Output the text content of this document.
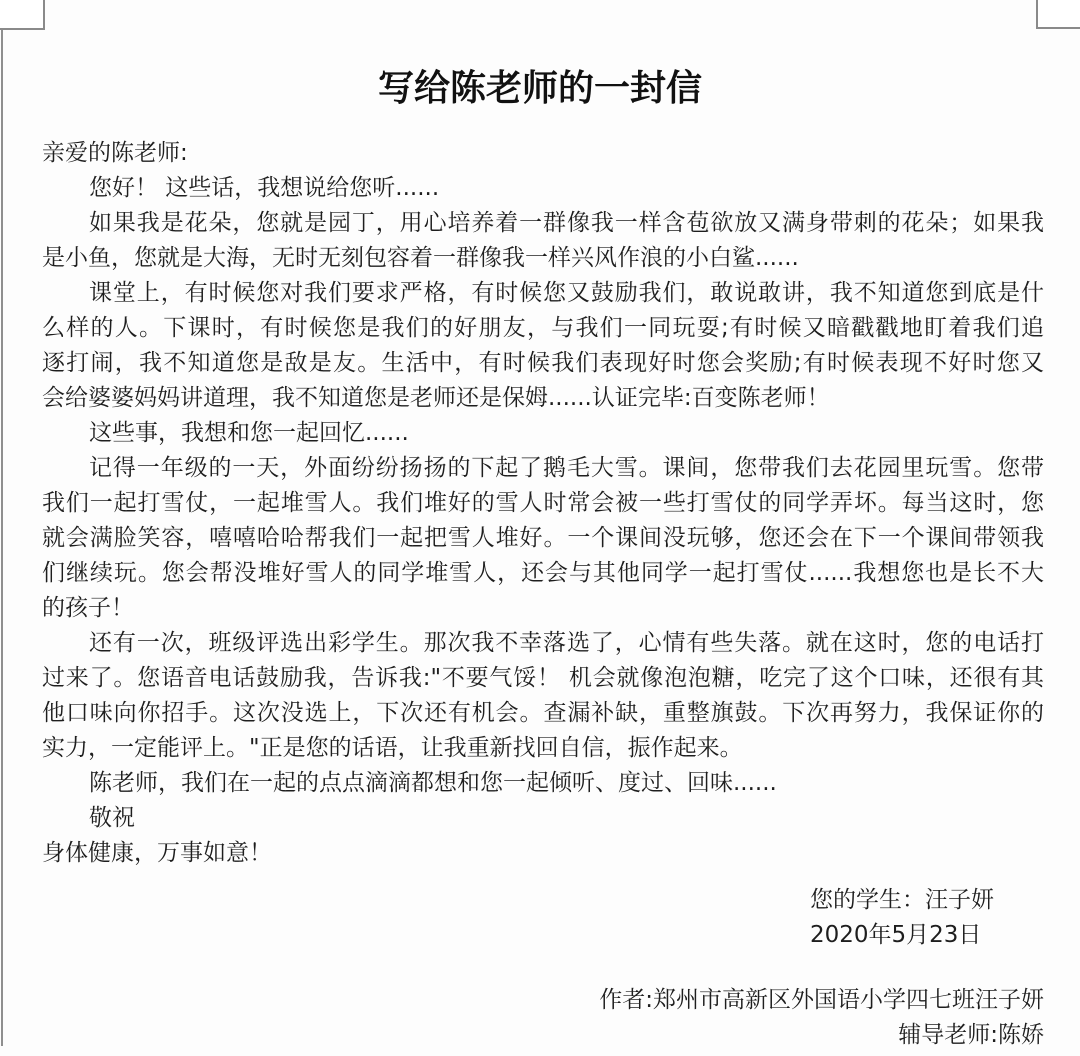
写给陈老师的一封信
亲爱的陈老师:
您好！ 这些话，我想说给您听......
如果我是花朵，您就是园丁，用心培养着一群像我一样含苞欲放又满身带刺的花朵；如果我
是小鱼，您就是大海，无时无刻包容着一群像我一样兴风作浪的小白鲨......
课堂上，有时候您对我们要求严格，有时候您又鼓励我们，敢说敢讲，我不知道您到底是什
么样的人。下课时，有时候您是我们的好朋友，与我们一同玩耍;有时候又暗戳戳地盯着我们追
逐打闹，我不知道您是敌是友。生活中，有时候我们表现好时您会奖励;有时候表现不好时您又
会给婆婆妈妈讲道理，我不知道您是老师还是保姆......认证完毕:百变陈老师！
这些事，我想和您一起回忆......
记得一年级的一天，外面纷纷扬扬的下起了鹅毛大雪。课间，您带我们去花园里玩雪。您带
我们一起打雪仗，一起堆雪人。我们堆好的雪人时常会被一些打雪仗的同学弄坏。每当这时，您
就会满脸笑容，嘻嘻哈哈帮我们一起把雪人堆好。一个课间没玩够，您还会在下一个课间带领我
们继续玩。您会帮没堆好雪人的同学堆雪人，还会与其他同学一起打雪仗......我想您也是长不大
的孩子！
还有一次，班级评选出彩学生。那次我不幸落选了，心情有些失落。就在这时，您的电话打
过来了。您语音电话鼓励我，告诉我:"不要气馁！ 机会就像泡泡糖，吃完了这个口味，还很有其
他口味向你招手。这次没选上，下次还有机会。查漏补缺，重整旗鼓。下次再努力，我保证你的
实力，一定能评上。"正是您的话语，让我重新找回自信，振作起来。
陈老师，我们在一起的点点滴滴都想和您一起倾听、度过、回味......
敬祝
身体健康，万事如意！
您的学生：汪子妍
2020年5月23日
作者:郑州市高新区外国语小学四七班汪子妍
辅导老师:陈娇
